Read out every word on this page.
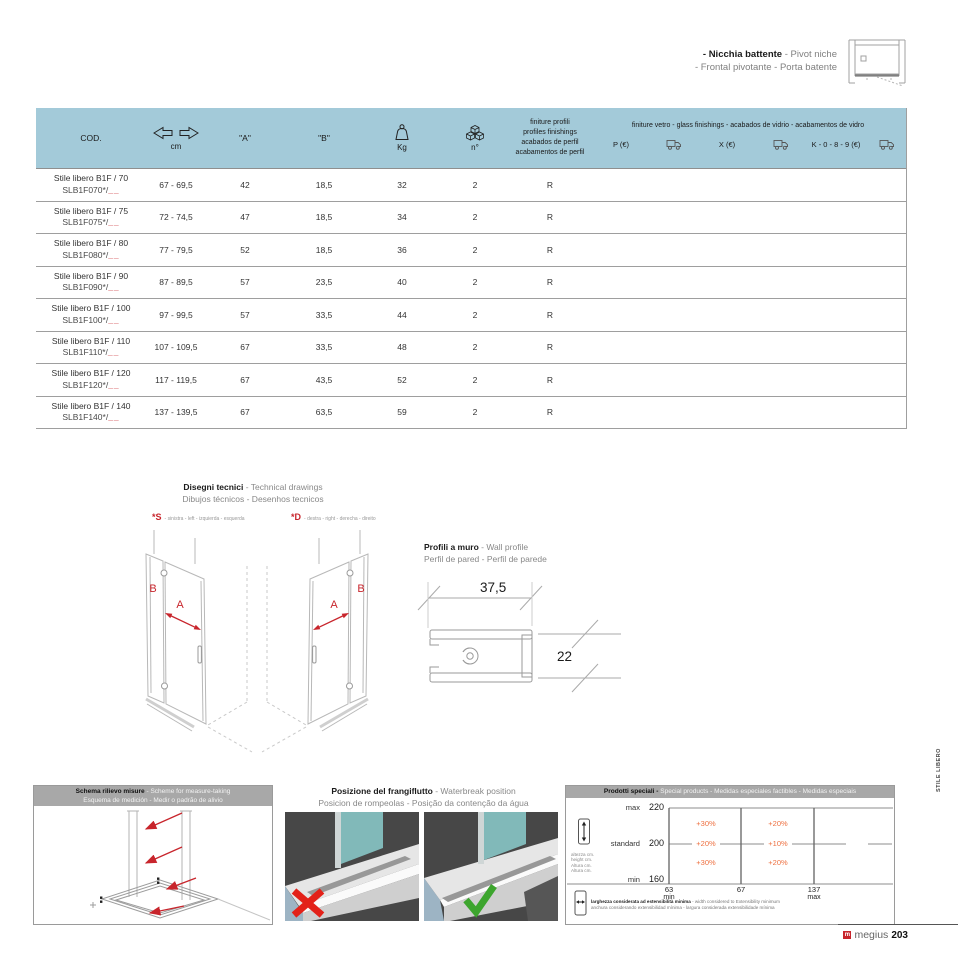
- Nicchia battente - Pivot niche
- Frontal pivotante - Porta batente
COD.
cm
"A"	"B"
Kg	n°
finiture profili
profiles finishings
acabados de perfil
acabamentos de perfil
finiture vetro - glass finishings - acabados de vidrio - acabamentos de vidro
P (€)	X (€)	K - 0 - 8 - 9 (€)
Stile libero B1F / 70
SLB1F070*/__	67 - 69,5	42	18,5	32	2	R
Stile libero B1F / 75
SLB1F075*/__	72 - 74,5	47	18,5	34	2	R
Stile libero B1F / 80
SLB1F080*/__	77 - 79,5	52	18,5	36	2	R
Stile libero B1F / 90
SLB1F090*/__	87 - 89,5	57	23,5	40	2	R
Stile libero B1F / 100
SLB1F100*/__	97 - 99,5	57	33,5	44	2	R
Stile libero B1F / 110
SLB1F110*/__	107 - 109,5	67	33,5	48	2	R
Stile libero B1F / 120
SLB1F120*/__	117 - 119,5	67	43,5	52	2	R
Stile libero B1F / 140
SLB1F140*/__	137 - 139,5	67	63,5	59	2	R
Disegni tecnici - Technical drawings
Dibujos técnicos - Desenhos tecnicos
*S - sinistra - left - izquierda - esquerda	*D - destra - right - derecha - direito
A
B
A
B
Profili a muro - Wall profile
Perfil de pared - Perfil de parede
37,5
22
Schema rilievo misure - Scheme for measure-taking
Esquema de medición - Medir o padrão de alivio
Posizione del frangiflutto - Waterbreak position
Posicion de rompeolas - Posição da contenção da água
Prodotti speciali - Special products - Medidas especiales factibles - Medidas especiais
max 220
standard 200
min 160
altezza cm.
height cm.
Altura cm.
Altura cm.
+30%	+20%
+20%	+10%
+30%	+20%
63
min
67	137
max
larghezza considerata ad estensibilità minima - width considered to Extensibility minimum
anchura considerando extensibilidad mínima - largura considerada extensibilidade mínima
m megius 203
STILE LIBERO
